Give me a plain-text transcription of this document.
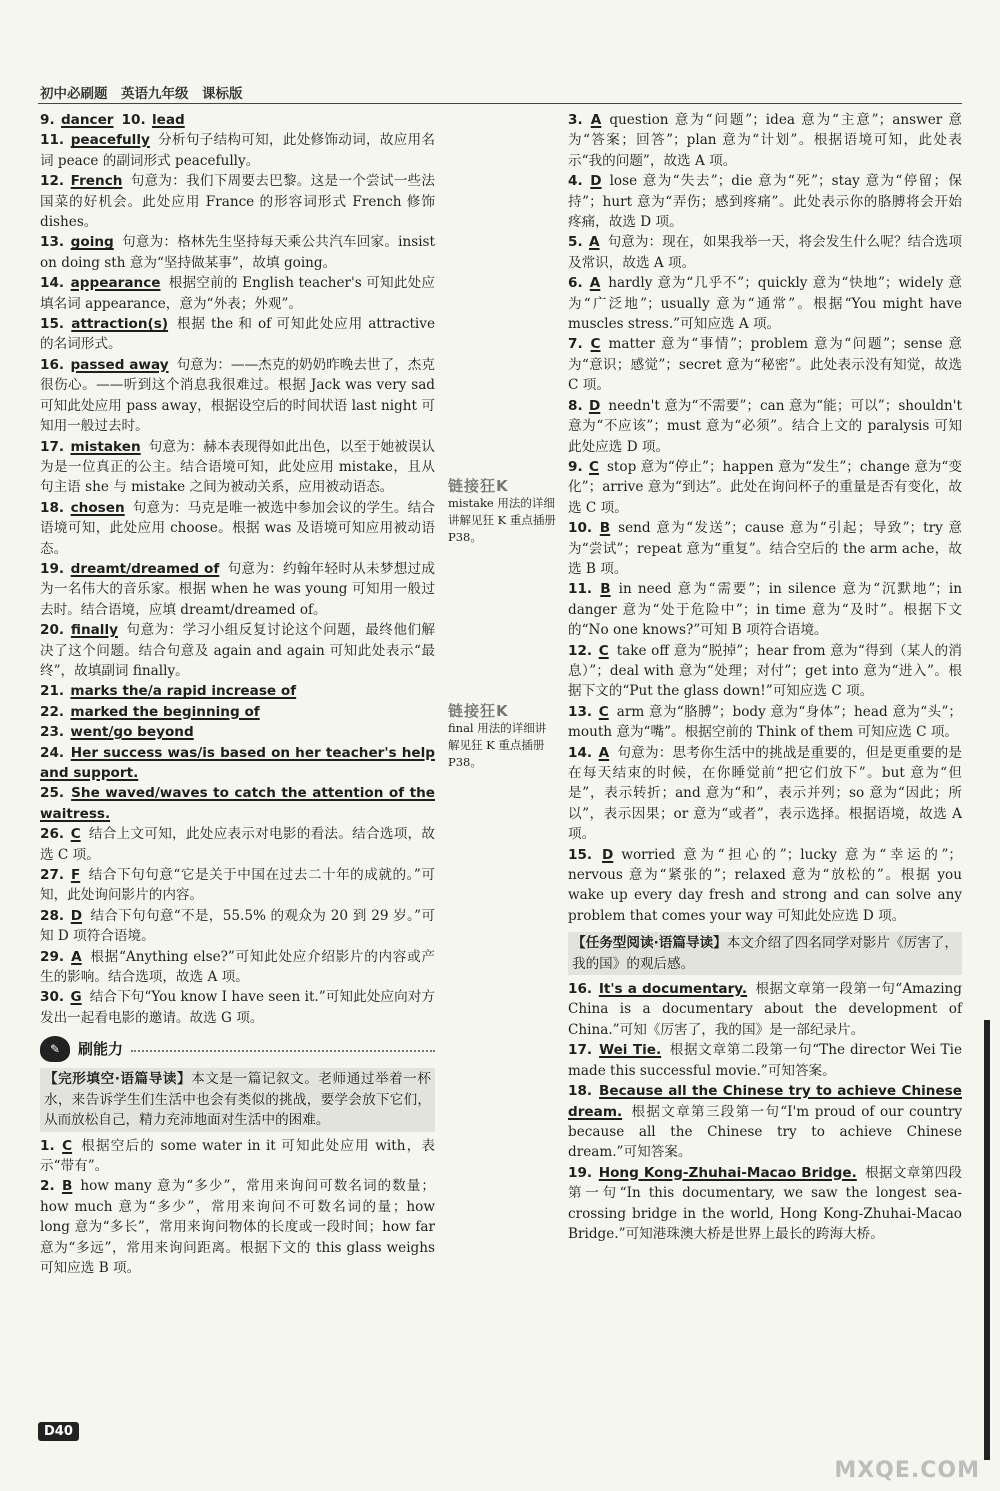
初中必刷题　英语九年级　课标版
9. dancer 10. lead
11. peacefully 分析句子结构可知，此处修饰动词，故应用名词 peace 的副词形式 peacefully。
12. French 句意为：我们下周要去巴黎。这是一个尝试一些法国菜的好机会。此处应用 France 的形容词形式 French 修饰 dishes。
13. going 句意为：格林先生坚持每天乘公共汽车回家。insist on doing sth 意为“坚持做某事”，故填 going。
14. appearance 根据空前的 English teacher's 可知此处应填名词 appearance，意为“外表；外观”。
15. attraction(s) 根据 the 和 of 可知此处应用 attractive 的名词形式。
16. passed away 句意为：——杰克的奶奶昨晚去世了，杰克很伤心。——听到这个消息我很难过。根据 Jack was very sad 可知此处应用 pass away，根据设空后的时间状语 last night 可知用一般过去时。
17. mistaken 句意为：赫本表现得如此出色，以至于她被误认为是一位真正的公主。结合语境可知，此处应用 mistake，且从句主语 she 与 mistake 之间为被动关系，应用被动语态。
18. chosen 句意为：马克是唯一被选中参加会议的学生。结合语境可知，此处应用 choose。根据 was 及语境可知应用被动语态。
19. dreamt/dreamed of 句意为：约翰年轻时从未梦想过成为一名伟大的音乐家。根据 when he was young 可知用一般过去时。结合语境，应填 dreamt/dreamed of。
20. finally 句意为：学习小组反复讨论这个问题，最终他们解决了这个问题。结合句意及 again and again 可知此处表示“最终”，故填副词 finally。
21. marks the/a rapid increase of
22. marked the beginning of
23. went/go beyond
24. Her success was/is based on her teacher's help and support.
25. She waved/waves to catch the attention of the waitress.
26. C 结合上文可知，此处应表示对电影的看法。结合选项，故选 C 项。
27. F 结合下句句意“它是关于中国在过去二十年的成就的。”可知，此处询问影片的内容。
28. D 结合下句句意“不是，55.5% 的观众为 20 到 29 岁。”可知 D 项符合语境。
29. A 根据“Anything else?”可知此处应介绍影片的内容或产生的影响。结合选项，故选 A 项。
30. G 结合下句“You know I have seen it.”可知此处应向对方发出一起看电影的邀请。故选 G 项。
✎	刷能力
【完形填空·语篇导读】本文是一篇记叙文。老师通过举着一杯水，来告诉学生们生活中也会有类似的挑战，要学会放下它们，从而放松自己，精力充沛地面对生活中的困难。
1. C 根据空后的 some water in it 可知此处应用 with，表示“带有”。
2. B how many 意为“多少”，常用来询问可数名词的数量；how much 意为“多少”，常用来询问不可数名词的量；how long 意为“多长”，常用来询问物体的长度或一段时间；how far 意为“多远”，常用来询问距离。根据下文的 this glass weighs 可知应选 B 项。
链接狂K
mistake 用法的详细讲解见狂 K 重点插册 P38。
链接狂K
final 用法的详细讲解见狂 K 重点插册 P38。
3. A question 意为“问题”；idea 意为“主意”；answer 意为“答案；回答”；plan 意为“计划”。根据语境可知，此处表示“我的问题”，故选 A 项。
4. D lose 意为“失去”；die 意为“死”；stay 意为“停留；保持”；hurt 意为“弄伤；感到疼痛”。此处表示你的胳膊将会开始疼痛，故选 D 项。
5. A 句意为：现在，如果我举一天，将会发生什么呢？结合选项及常识，故选 A 项。
6. A hardly 意为“几乎不”；quickly 意为“快地”；widely 意为“广泛地”；usually 意为“通常”。根据“You might have muscles stress.”可知应选 A 项。
7. C matter 意为“事情”；problem 意为“问题”；sense 意为“意识；感觉”；secret 意为“秘密”。此处表示没有知觉，故选 C 项。
8. D needn't 意为“不需要”；can 意为“能；可以”；shouldn't 意为“不应该”；must 意为“必须”。结合上文的 paralysis 可知此处应选 D 项。
9. C stop 意为“停止”；happen 意为“发生”；change 意为“变化”；arrive 意为“到达”。此处在询问杯子的重量是否有变化，故选 C 项。
10. B send 意为“发送”；cause 意为“引起；导致”；try 意为“尝试”；repeat 意为“重复”。结合空后的 the arm ache，故选 B 项。
11. B in need 意为“需要”；in silence 意为“沉默地”；in danger 意为“处于危险中”；in time 意为“及时”。根据下文的“No one knows?”可知 B 项符合语境。
12. C take off 意为“脱掉”；hear from 意为“得到（某人的消息）”；deal with 意为“处理；对付”；get into 意为“进入”。根据下文的“Put the glass down!”可知应选 C 项。
13. C arm 意为“胳膊”；body 意为“身体”；head 意为“头”；mouth 意为“嘴”。根据空前的 Think of them 可知应选 C 项。
14. A 句意为：思考你生活中的挑战是重要的，但是更重要的是在每天结束的时候，在你睡觉前“把它们放下”。but 意为“但是”，表示转折；and 意为“和”，表示并列；so 意为“因此；所以”，表示因果；or 意为“或者”，表示选择。根据语境，故选 A 项。
15. D worried 意为“担心的”；lucky 意为“幸运的”；nervous 意为“紧张的”；relaxed 意为“放松的”。根据 you wake up every day fresh and strong and can solve any problem that comes your way 可知此处应选 D 项。
【任务型阅读·语篇导读】本文介绍了四名同学对影片《厉害了，我的国》的观后感。
16. It's a documentary. 根据文章第一段第一句“Amazing China is a documentary about the development of China.”可知《厉害了，我的国》是一部纪录片。
17. Wei Tie. 根据文章第二段第一句“The director Wei Tie made this successful movie.”可知答案。
18. Because all the Chinese try to achieve Chinese dream. 根据文章第三段第一句“I'm proud of our country because all the Chinese try to achieve Chinese dream.”可知答案。
19. Hong Kong-Zhuhai-Macao Bridge. 根据文章第四段第一句“In this documentary, we saw the longest sea-crossing bridge in the world, Hong Kong-Zhuhai-Macao Bridge.”可知港珠澳大桥是世界上最长的跨海大桥。
D40
MXQE.COM
